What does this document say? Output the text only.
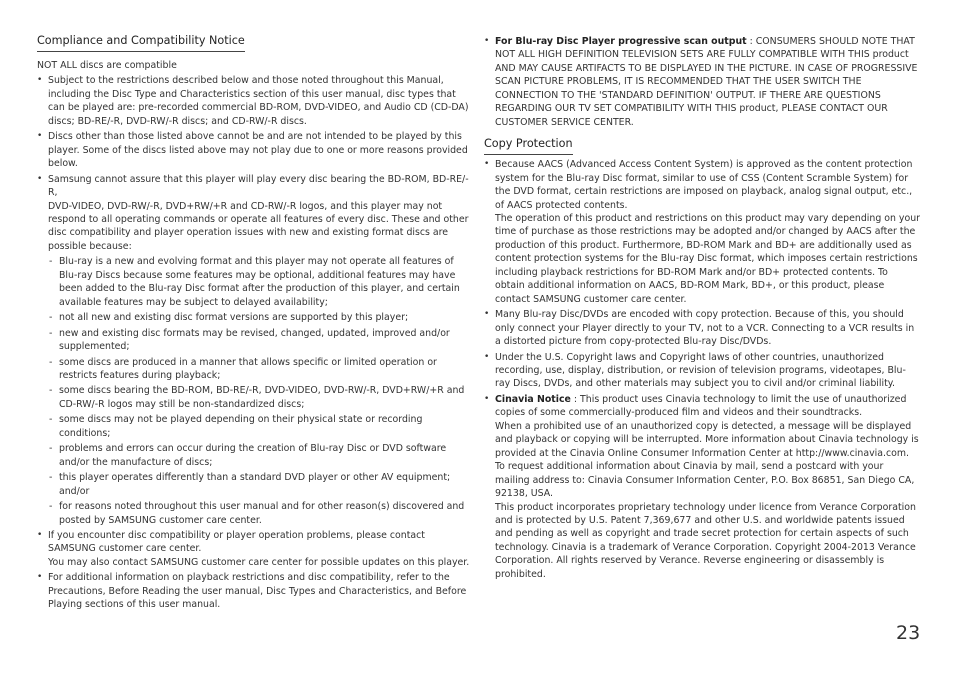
Compliance and Compatibility Notice
NOT ALL discs are compatible
• Subject to the restrictions described below and those noted throughout this Manual, including the Disc Type and Characteristics section of this user manual, disc types that can be played are: pre-recorded commercial BD-ROM, DVD-VIDEO, and Audio CD (CD-DA) discs; BD-RE/-R, DVD-RW/-R discs; and CD-RW/-R discs.
• Discs other than those listed above cannot be and are not intended to be played by this player. Some of the discs listed above may not play due to one or more reasons provided below.
• Samsung cannot assure that this player will play every disc bearing the BD-ROM, BD-RE/-R,
DVD-VIDEO, DVD-RW/-R, DVD+RW/+R and CD-RW/-R logos, and this player may not respond to all operating commands or operate all features of every disc. These and other disc compatibility and player operation issues with new and existing format discs are possible because:
- Blu-ray is a new and evolving format and this player may not operate all features of Blu-ray Discs because some features may be optional, additional features may have been added to the Blu-ray Disc format after the production of this player, and certain available features may be subject to delayed availability;
- not all new and existing disc format versions are supported by this player;
- new and existing disc formats may be revised, changed, updated, improved and/or supplemented;
- some discs are produced in a manner that allows specific or limited operation or restricts features during playback;
- some discs bearing the BD-ROM, BD-RE/-R, DVD-VIDEO, DVD-RW/-R, DVD+RW/+R and CD-RW/-R logos may still be non-standardized discs;
- some discs may not be played depending on their physical state or recording conditions;
- problems and errors can occur during the creation of Blu-ray Disc or DVD software and/or the manufacture of discs;
- this player operates differently than a standard DVD player or other AV equipment; and/or
- for reasons noted throughout this user manual and for other reason(s) discovered and posted by SAMSUNG customer care center.
• If you encounter disc compatibility or player operation problems, please contact SAMSUNG customer care center.
You may also contact SAMSUNG customer care center for possible updates on this player.
• For additional information on playback restrictions and disc compatibility, refer to the Precautions, Before Reading the user manual, Disc Types and Characteristics, and Before Playing sections of this user manual.
• For Blu-ray Disc Player progressive scan output : CONSUMERS SHOULD NOTE THAT NOT ALL HIGH DEFINITION TELEVISION SETS ARE FULLY COMPATIBLE WITH THIS product AND MAY CAUSE ARTIFACTS TO BE DISPLAYED IN THE PICTURE. IN CASE OF PROGRESSIVE SCAN PICTURE PROBLEMS, IT IS RECOMMENDED THAT THE USER SWITCH THE CONNECTION TO THE 'STANDARD DEFINITION' OUTPUT. IF THERE ARE QUESTIONS REGARDING OUR TV SET COMPATIBILITY WITH THIS product, PLEASE CONTACT OUR CUSTOMER SERVICE CENTER.
Copy Protection
• Because AACS (Advanced Access Content System) is approved as the content protection system for the Blu-ray Disc format, similar to use of CSS (Content Scramble System) for the DVD format, certain restrictions are imposed on playback, analog signal output, etc., of AACS protected contents.
The operation of this product and restrictions on this product may vary depending on your time of purchase as those restrictions may be adopted and/or changed by AACS after the production of this product. Furthermore, BD-ROM Mark and BD+ are additionally used as content protection systems for the Blu-ray Disc format, which imposes certain restrictions including playback restrictions for BD-ROM Mark and/or BD+ protected contents. To obtain additional information on AACS, BD-ROM Mark, BD+, or this product, please contact SAMSUNG customer care center.
• Many Blu-ray Disc/DVDs are encoded with copy protection. Because of this, you should only connect your Player directly to your TV, not to a VCR. Connecting to a VCR results in a distorted picture from copy-protected Blu-ray Disc/DVDs.
• Under the U.S. Copyright laws and Copyright laws of other countries, unauthorized recording, use, display, distribution, or revision of television programs, videotapes, Blu-ray Discs, DVDs, and other materials may subject you to civil and/or criminal liability.
• Cinavia Notice : This product uses Cinavia technology to limit the use of unauthorized copies of some commercially-produced film and videos and their soundtracks.
When a prohibited use of an unauthorized copy is detected, a message will be displayed and playback or copying will be interrupted. More information about Cinavia technology is provided at the Cinavia Online Consumer Information Center at http://www.cinavia.com. To request additional information about Cinavia by mail, send a postcard with your mailing address to: Cinavia Consumer Information Center, P.O. Box 86851, San Diego CA, 92138, USA.
This product incorporates proprietary technology under licence from Verance Corporation and is protected by U.S. Patent 7,369,677 and other U.S. and worldwide patents issued and pending as well as copyright and trade secret protection for certain aspects of such technology. Cinavia is a trademark of Verance Corporation. Copyright 2004-2013 Verance Corporation. All rights reserved by Verance. Reverse engineering or disassembly is prohibited.
23
